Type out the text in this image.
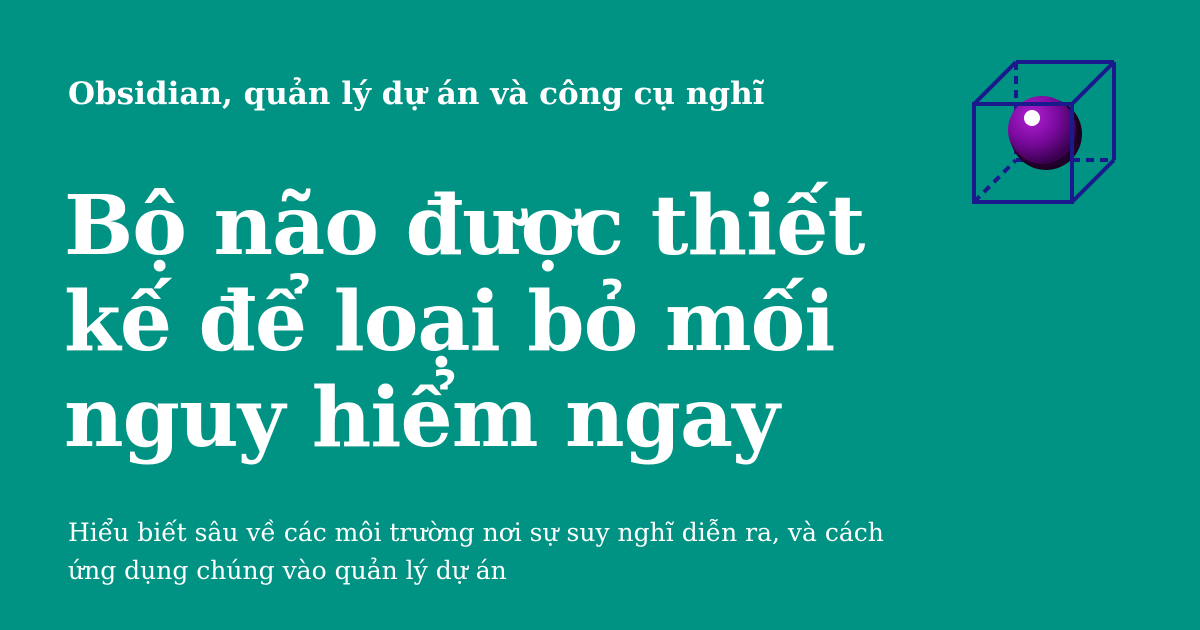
Obsidian, quản lý dự án và công cụ nghĩ
Bộ não được thiết kế để loại bỏ mối nguy hiểm ngay

Hiểu biết sâu về các môi trường nơi sự suy nghĩ diễn ra, và cách ứng dụng chúng vào quản lý dự án
